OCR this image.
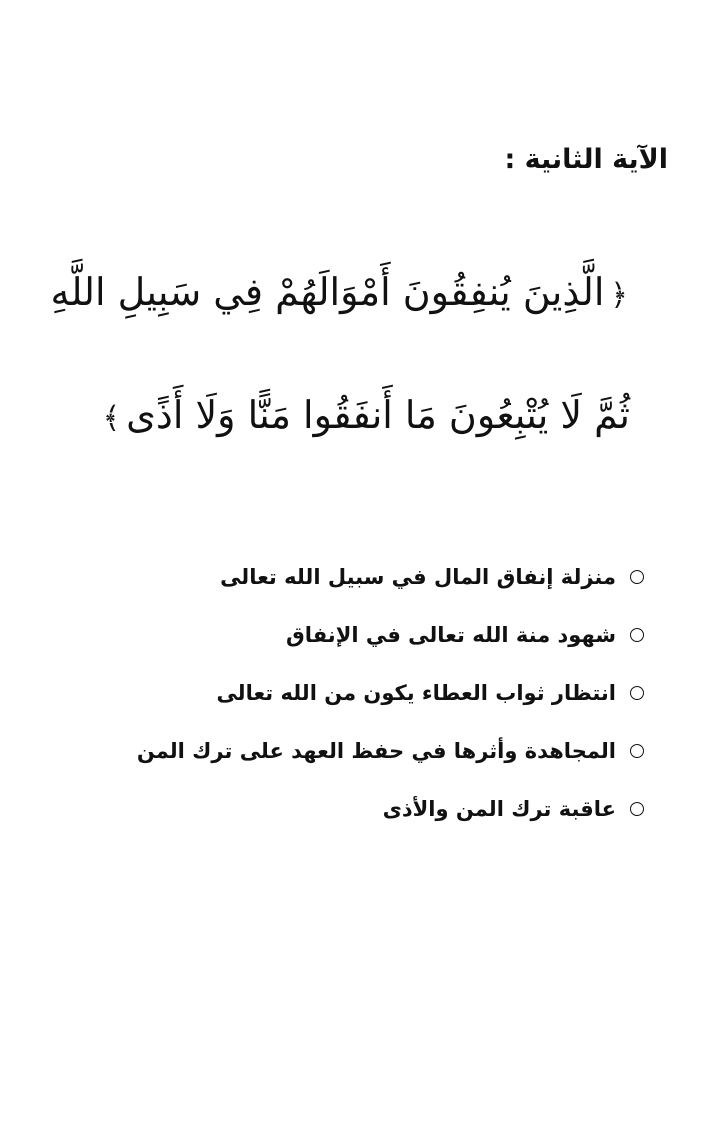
الآية الثانية :
﴿الَّذِينَ يُنفِقُونَ أَمْوَالَهُمْ فِي سَبِيلِ اللَّهِ
ثُمَّ لَا يُتْبِعُونَ مَا أَنفَقُوا مَنًّا وَلَا أَذًى﴾
منزلة إنفاق المال في سبيل الله تعالى
شهود منة الله تعالى في الإنفاق
انتظار ثواب العطاء يكون من الله تعالى
المجاهدة وأثرها في حفظ العهد على ترك المن
عاقبة ترك المن والأذى
